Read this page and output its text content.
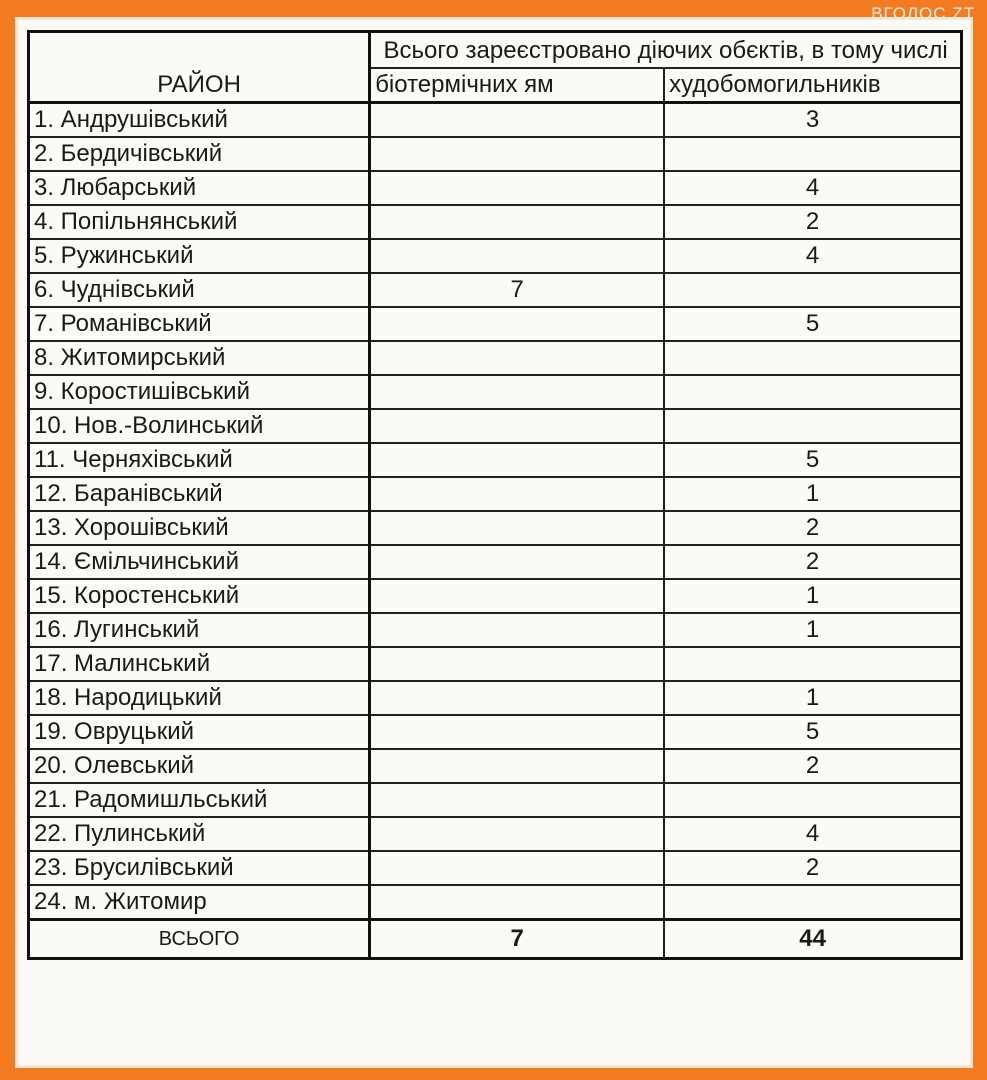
ВГОЛОС.ZT
РАЙОН	Всього зареєстровано діючих обєктів, в тому числі	
	біотермічних ям	худобомогильників
1. Андрушівський		3
2. Бердичівський		
3. Любарський		4
4. Попільнянський		2
5. Ружинський		4
6. Чуднівський	7	
7. Романівський		5
8. Житомирський		
9. Коростишівський		
10. Нов.-Волинський		
11. Черняхівський		5
12. Баранівський		1
13. Хорошівський		2
14. Ємільчинський		2
15. Коростенський		1
16. Лугинський		1
17. Малинський		
18. Народицький		1
19. Овруцький		5
20. Олевський		2
21. Радомишльський		
22. Пулинський		4
23. Брусилівський		2
24. м. Житомир		
ВСЬОГО	7	44
